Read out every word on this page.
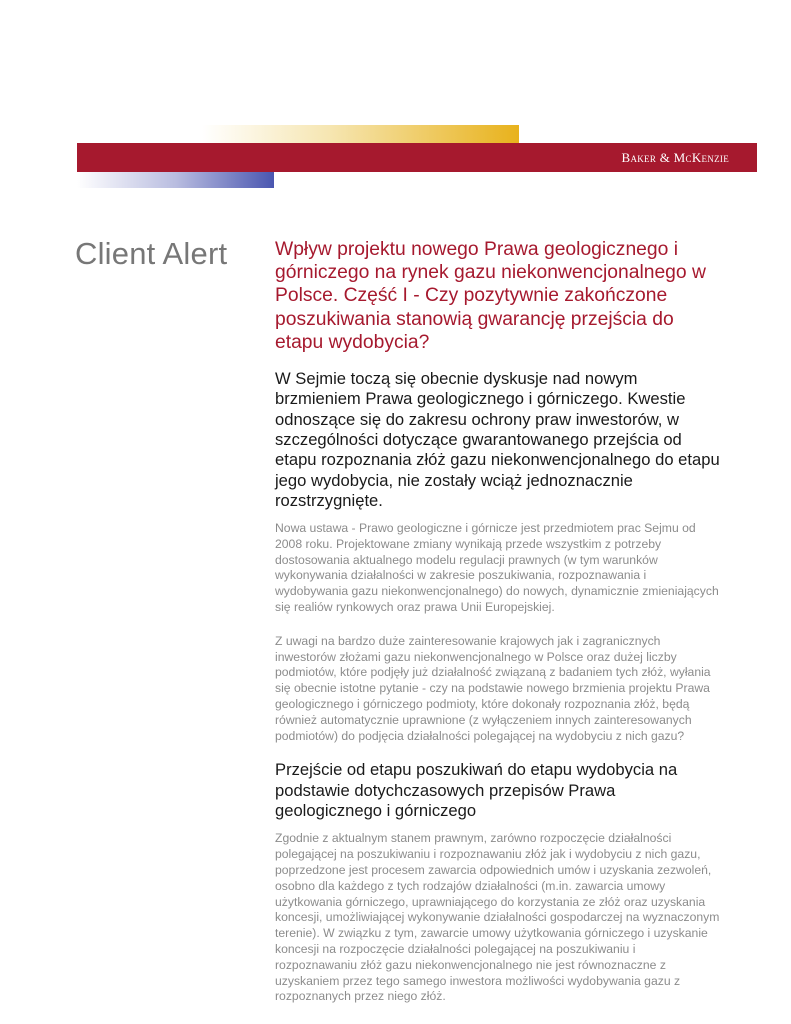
Baker & McKenzie
Client Alert Wpływ projektu nowego Prawa geologicznego i górniczego na rynek gazu niekonwencjonalnego w Polsce. Część I - Czy pozytywnie zakończone poszukiwania stanowią gwarancję przejścia do etapu wydobycia?

W Sejmie toczą się obecnie dyskusje nad nowym brzmieniem Prawa geologicznego i górniczego. Kwestie odnoszące się do zakresu ochrony praw inwestorów, w szczególności dotyczące gwarantowanego przejścia od etapu rozpoznania złóż gazu niekonwencjonalnego do etapu jego wydobycia, nie zostały wciąż jednoznacznie rozstrzygnięte.

Nowa ustawa - Prawo geologiczne i górnicze jest przedmiotem prac Sejmu od 2008 roku. Projektowane zmiany wynikają przede wszystkim z potrzeby dostosowania aktualnego modelu regulacji prawnych (w tym warunków wykonywania działalności w zakresie poszukiwania, rozpoznawania i wydobywania gazu niekonwencjonalnego) do nowych, dynamicznie zmieniających się realiów rynkowych oraz prawa Unii Europejskiej.

Z uwagi na bardzo duże zainteresowanie krajowych jak i zagranicznych inwestorów złożami gazu niekonwencjonalnego w Polsce oraz dużej liczby podmiotów, które podjęły już działalność związaną z badaniem tych złóż, wyłania się obecnie istotne pytanie - czy na podstawie nowego brzmienia projektu Prawa geologicznego i górniczego podmioty, które dokonały rozpoznania złóż, będą również automatycznie uprawnione (z wyłączeniem innych zainteresowanych podmiotów) do podjęcia działalności polegającej na wydobyciu z nich gazu?

Przejście od etapu poszukiwań do etapu wydobycia na podstawie dotychczasowych przepisów Prawa geologicznego i górniczego

Zgodnie z aktualnym stanem prawnym, zarówno rozpoczęcie działalności polegającej na poszukiwaniu i rozpoznawaniu złóż jak i wydobyciu z nich gazu, poprzedzone jest procesem zawarcia odpowiednich umów i uzyskania zezwoleń, osobno dla każdego z tych rodzajów działalności (m.in. zawarcia umowy użytkowania górniczego, uprawniającego do korzystania ze złóż oraz uzyskania koncesji, umożliwiającej wykonywanie działalności gospodarczej na wyznaczonym terenie). W związku z tym, zawarcie umowy użytkowania górniczego i uzyskanie koncesji na rozpoczęcie działalności polegającej na poszukiwaniu i rozpoznawaniu złóż gazu niekonwencjonalnego nie jest równoznaczne z uzyskaniem przez tego samego inwestora możliwości wydobywania gazu z rozpoznanych przez niego złóż.
